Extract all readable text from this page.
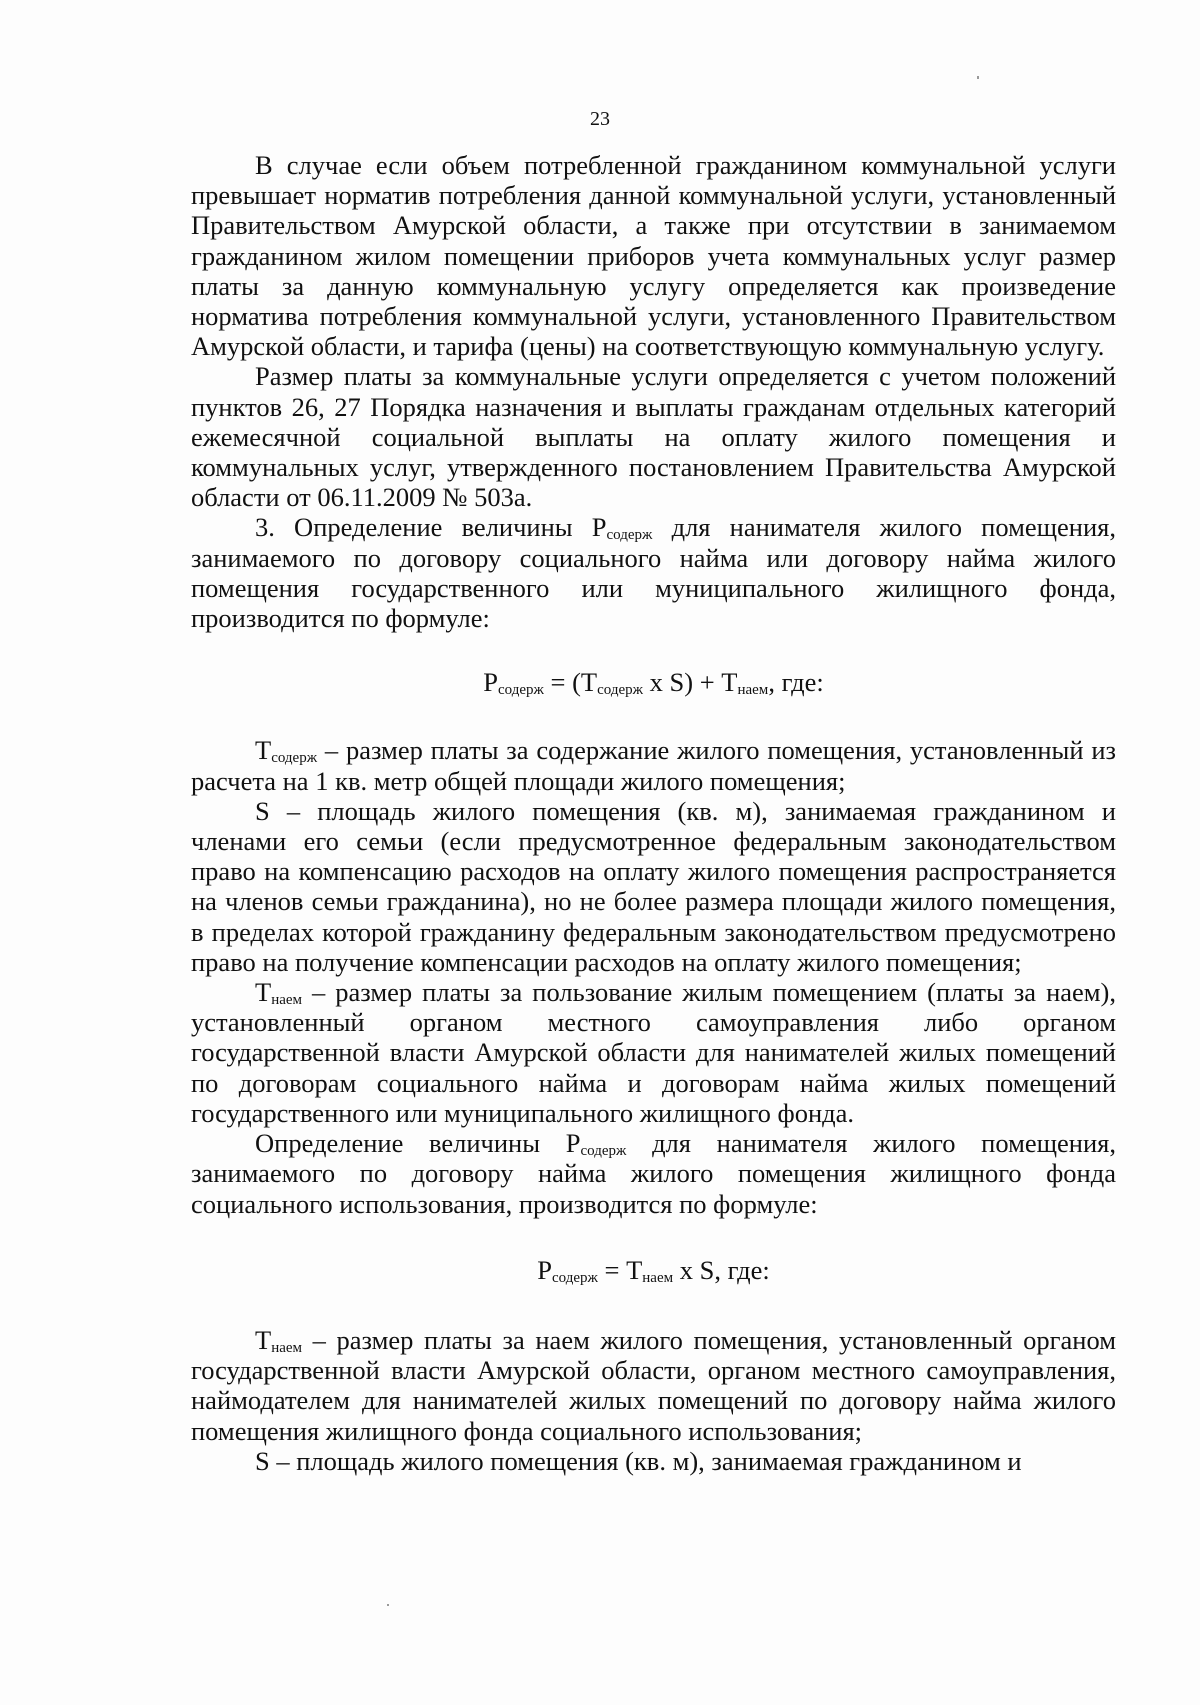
23

В случае если объем потребленной гражданином коммунальной услуги превышает норматив потребления данной коммунальной услуги, установленный Правительством Амурской области, а также при отсутствии в занимаемом гражданином жилом помещении приборов учета коммунальных услуг размер платы за данную коммунальную услугу определяется как произведение норматива потребления коммунальной услуги, установленного Правительством Амурской области, и тарифа (цены) на соответствующую коммунальную услугу.

Размер платы за коммунальные услуги определяется с учетом положений пунктов 26, 27 Порядка назначения и выплаты гражданам отдельных категорий ежемесячной социальной выплаты на оплату жилого помещения и коммунальных услуг, утвержденного постановлением Правительства Амурской области от 06.11.2009 № 503а.

3. Определение величины $P_{содерж}$ для нанимателя жилого помещения, занимаемого по договору социального найма или договору найма жилого помещения государственного или муниципального жилищного фонда, производится по формуле:

$P_{содерж} = (T_{содерж}$ x $S) + T_{наем}$, где:

$T_{содерж}$ – размер платы за содержание жилого помещения, установленный из расчета на 1 кв. метр общей площади жилого помещения;

S – площадь жилого помещения (кв. м), занимаемая гражданином и членами его семьи (если предусмотренное федеральным законодательством право на компенсацию расходов на оплату жилого помещения распространяется на членов семьи гражданина), но не более размера площади жилого помещения, в пределах которой гражданину федеральным законодательством предусмотрено право на получение компенсации расходов на оплату жилого помещения;

$T_{наем}$ – размер платы за пользование жилым помещением (платы за наем), установленный органом местного самоуправления либо органом государственной власти Амурской области для нанимателей жилых помещений по договорам социального найма и договорам найма жилых помещений государственного или муниципального жилищного фонда.

Определение величины $P_{содерж}$ для нанимателя жилого помещения, занимаемого по договору найма жилого помещения жилищного фонда социального использования, производится по формуле:

$P_{содерж} = T_{наем}$ x S, где:

$T_{наем}$ – размер платы за наем жилого помещения, установленный органом государственной власти Амурской области, органом местного самоуправления, наймодателем для нанимателей жилых помещений по договору найма жилого помещения жилищного фонда социального использования;

S – площадь жилого помещения (кв. м), занимаемая гражданином и
